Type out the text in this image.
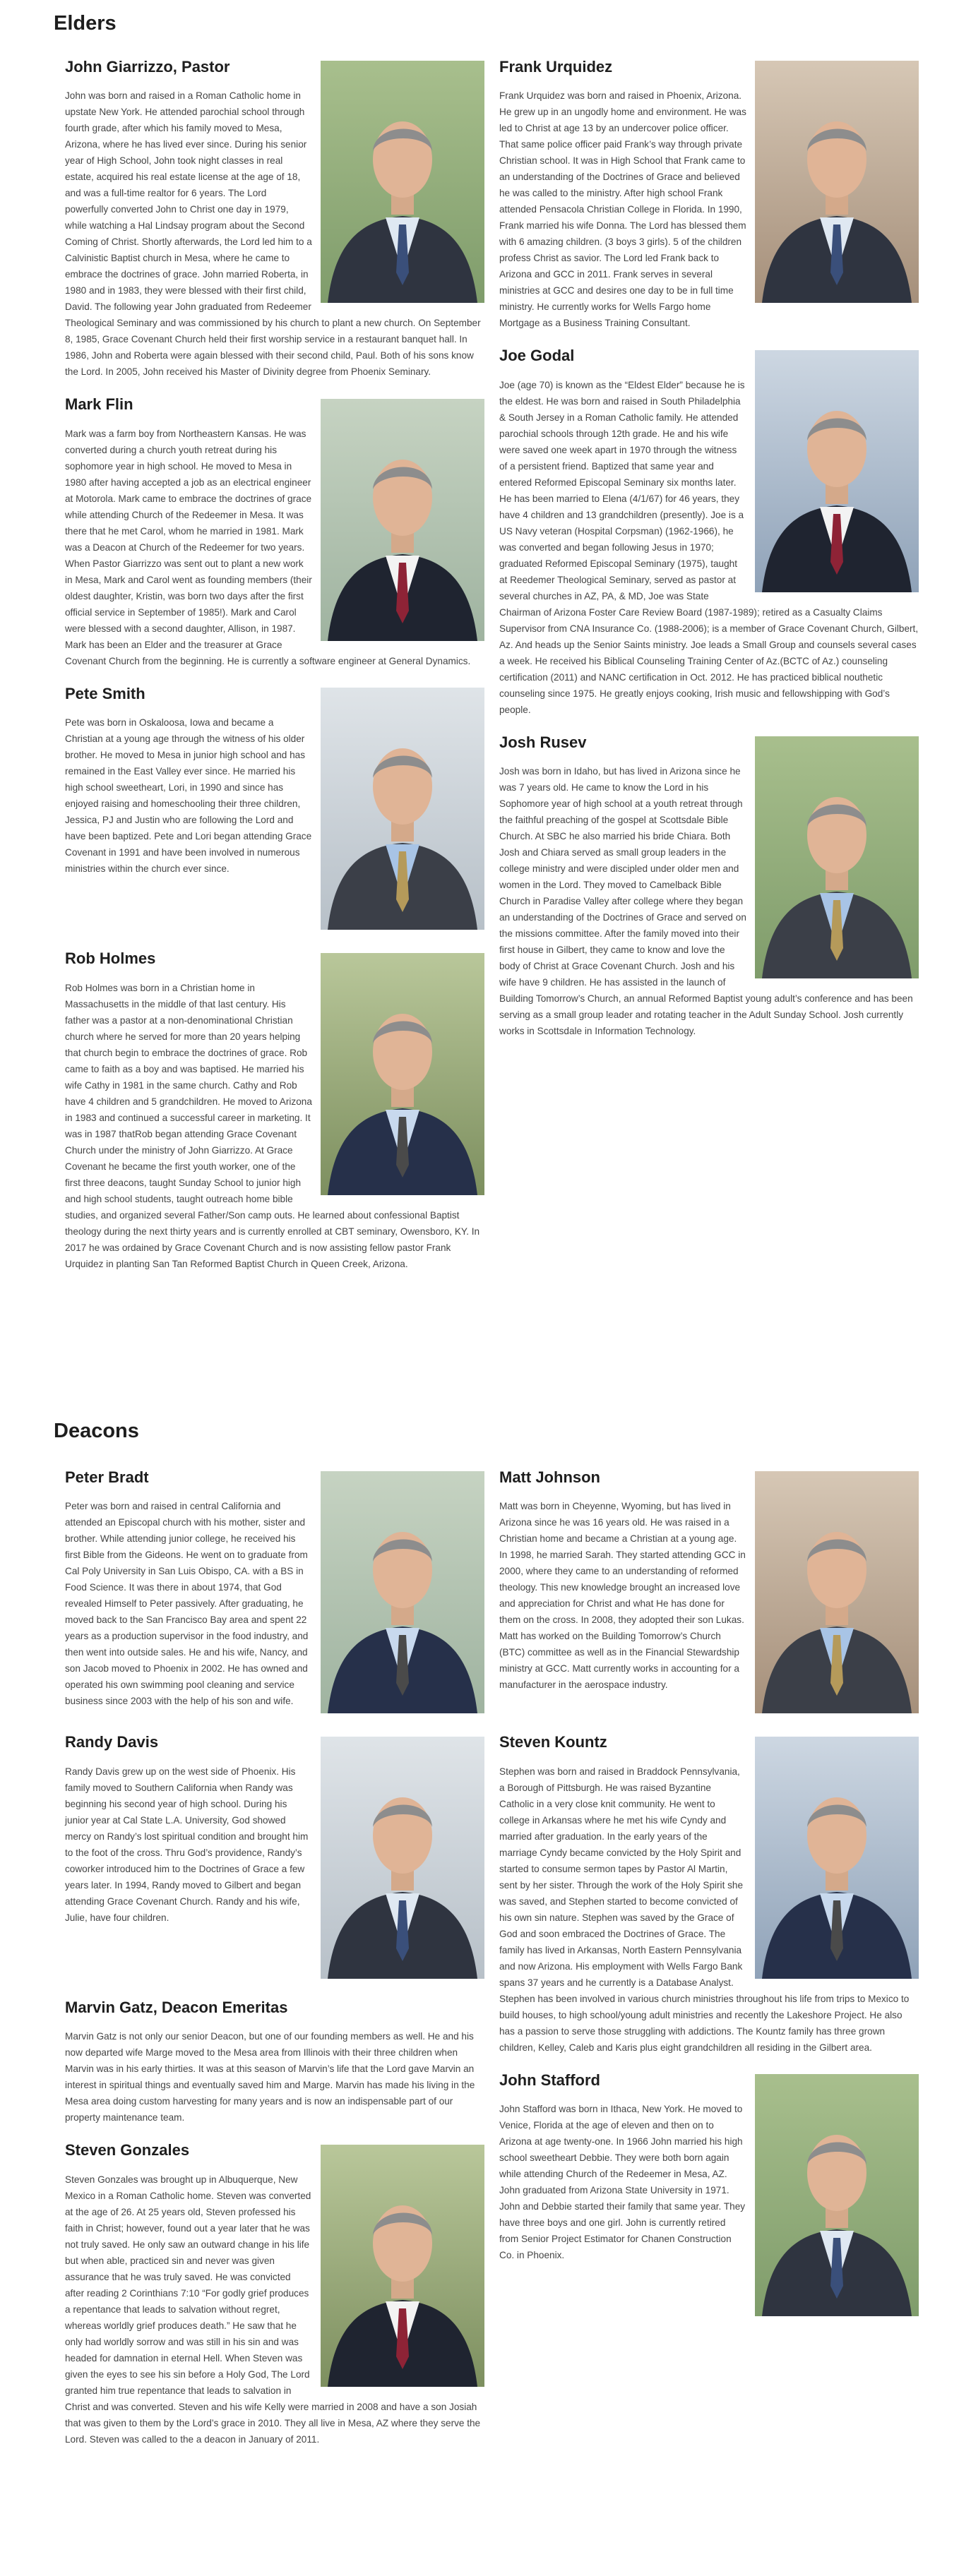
Elders
John Giarrizzo, Pastor

John was born and raised in a Roman Catholic home in upstate New York. He attended parochial school through fourth grade, after which his family moved to Mesa, Arizona, where he has lived ever since. During his senior year of High School, John took night classes in real estate, acquired his real estate license at the age of 18, and was a full-time realtor for 6 years. The Lord powerfully converted John to Christ one day in 1979, while watching a Hal Lindsay program about the Second Coming of Christ. Shortly afterwards, the Lord led him to a Calvinistic Baptist church in Mesa, where he came to embrace the doctrines of grace. John married Roberta, in 1980 and in 1983, they were blessed with their first child, David. The following year John graduated from Redeemer Theological Seminary and was commissioned by his church to plant a new church. On September 8, 1985, Grace Covenant Church held their first worship service in a restaurant banquet hall. In 1986, John and Roberta were again blessed with their second child, Paul. Both of his sons know the Lord. In 2005, John received his Master of Divinity degree from Phoenix Seminary.

Mark Flin

Mark was a farm boy from Northeastern Kansas. He was converted during a church youth retreat during his sophomore year in high school. He moved to Mesa in 1980 after having accepted a job as an electrical engineer at Motorola. Mark came to embrace the doctrines of grace while attending Church of the Redeemer in Mesa. It was there that he met Carol, whom he married in 1981. Mark was a Deacon at Church of the Redeemer for two years. When Pastor Giarrizzo was sent out to plant a new work in Mesa, Mark and Carol went as founding members (their oldest daughter, Kristin, was born two days after the first official service in September of 1985!). Mark and Carol were blessed with a second daughter, Allison, in 1987. Mark has been an Elder and the treasurer at Grace Covenant Church from the beginning. He is currently a software engineer at General Dynamics.

Pete Smith

Pete was born in Oskaloosa, Iowa and became a Christian at a young age through the witness of his older brother. He moved to Mesa in junior high school and has remained in the East Valley ever since. He married his high school sweetheart, Lori, in 1990 and since has enjoyed raising and homeschooling their three children, Jessica, PJ and Justin who are following the Lord and have been baptized. Pete and Lori began attending Grace Covenant in 1991 and have been involved in numerous ministries within the church ever since.

Rob Holmes

Rob Holmes was born in a Christian home in Massachusetts in the middle of that last century. His father was a pastor at a non-denominational Christian church where he served for more than 20 years helping that church begin to embrace the doctrines of grace. Rob came to faith as a boy and was baptised. He married his wife Cathy in 1981 in the same church. Cathy and Rob have 4 children and 5 grandchildren. He moved to Arizona in 1983 and continued a successful career in marketing. It was in 1987 thatRob began attending Grace Covenant Church under the ministry of John Giarrizzo. At Grace Covenant he became the first youth worker, one of the first three deacons, taught Sunday School to junior high and high school students, taught outreach home bible studies, and organized several Father/Son camp outs. He learned about confessional Baptist theology during the next thirty years and is currently enrolled at CBT seminary, Owensboro, KY. In 2017 he was ordained by Grace Covenant Church and is now assisting fellow pastor Frank Urquidez in planting San Tan Reformed Baptist Church in Queen Creek, Arizona.

Frank Urquidez

Frank Urquidez was born and raised in Phoenix, Arizona. He grew up in an ungodly home and environment. He was led to Christ at age 13 by an undercover police officer. That same police officer paid Frank’s way through private Christian school. It was in High School that Frank came to an understanding of the Doctrines of Grace and believed he was called to the ministry. After high school Frank attended Pensacola Christian College in Florida. In 1990, Frank married his wife Donna. The Lord has blessed them with 6 amazing children. (3 boys 3 girls). 5 of the children profess Christ as savior. The Lord led Frank back to Arizona and GCC in 2011. Frank serves in several ministries at GCC and desires one day to be in full time ministry. He currently works for Wells Fargo home Mortgage as a Business Training Consultant.

Joe Godal

Joe (age 70) is known as the “Eldest Elder” because he is the eldest. He was born and raised in South Philadelphia & South Jersey in a Roman Catholic family. He attended parochial schools through 12th grade. He and his wife were saved one week apart in 1970 through the witness of a persistent friend. Baptized that same year and entered Reformed Episcopal Seminary six months later. He has been married to Elena (4/1/67) for 46 years, they have 4 children and 13 grandchildren (presently). Joe is a US Navy veteran (Hospital Corpsman) (1962-1966), he was converted and began following Jesus in 1970; graduated Reformed Episcopal Seminary (1975), taught at Reedemer Theological Seminary, served as pastor at several churches in AZ, PA, & MD, Joe was State Chairman of Arizona Foster Care Review Board (1987-1989); retired as a Casualty Claims Supervisor from CNA Insurance Co. (1988-2006); is a member of Grace Covenant Church, Gilbert, Az. And heads up the Senior Saints ministry. Joe leads a Small Group and counsels several cases a week. He received his Biblical Counseling Training Center of Az.(BCTC of Az.) counseling certification (2011) and NANC certification in Oct. 2012. He has practiced biblical nouthetic counseling since 1975. He greatly enjoys cooking, Irish music and fellowshipping with God’s people.

Josh Rusev

Josh was born in Idaho, but has lived in Arizona since he was 7 years old. He came to know the Lord in his Sophomore year of high school at a youth retreat through the faithful preaching of the gospel at Scottsdale Bible Church. At SBC he also married his bride Chiara. Both Josh and Chiara served as small group leaders in the college ministry and were discipled under older men and women in the Lord. They moved to Camelback Bible Church in Paradise Valley after college where they began an understanding of the Doctrines of Grace and served on the missions committee. After the family moved into their first house in Gilbert, they came to know and love the body of Christ at Grace Covenant Church. Josh and his wife have 9 children. He has assisted in the launch of Building Tomorrow’s Church, an annual Reformed Baptist young adult’s conference and has been serving as a small group leader and rotating teacher in the Adult Sunday School. Josh currently works in Scottsdale in Information Technology.

Deacons
Peter Bradt

Peter was born and raised in central California and attended an Episcopal church with his mother, sister and brother. While attending junior college, he received his first Bible from the Gideons. He went on to graduate from Cal Poly University in San Luis Obispo, CA. with a BS in Food Science. It was there in about 1974, that God revealed Himself to Peter passively. After graduating, he moved back to the San Francisco Bay area and spent 22 years as a production supervisor in the food industry, and then went into outside sales. He and his wife, Nancy, and son Jacob moved to Phoenix in 2002. He has owned and operated his own swimming pool cleaning and service business since 2003 with the help of his son and wife.

Randy Davis

Randy Davis grew up on the west side of Phoenix. His family moved to Southern California when Randy was beginning his second year of high school. During his junior year at Cal State L.A. University, God showed mercy on Randy’s lost spiritual condition and brought him to the foot of the cross. Thru God’s providence, Randy’s coworker introduced him to the Doctrines of Grace a few years later. In 1994, Randy moved to Gilbert and began attending Grace Covenant Church. Randy and his wife, Julie, have four children.

Marvin Gatz, Deacon Emeritas

Marvin Gatz is not only our senior Deacon, but one of our founding members as well. He and his now departed wife Marge moved to the Mesa area from Illinois with their three children when Marvin was in his early thirties. It was at this season of Marvin’s life that the Lord gave Marvin an interest in spiritual things and eventually saved him and Marge. Marvin has made his living in the Mesa area doing custom harvesting for many years and is now an indispensable part of our property maintenance team.

Steven Gonzales

Steven Gonzales was brought up in Albuquerque, New Mexico in a Roman Catholic home. Steven was converted at the age of 26. At 25 years old, Steven professed his faith in Christ; however, found out a year later that he was not truly saved. He only saw an outward change in his life but when able, practiced sin and never was given assurance that he was truly saved. He was convicted after reading 2 Corinthians 7:10 “For godly grief produces a repentance that leads to salvation without regret, whereas worldly grief produces death.” He saw that he only had worldly sorrow and was still in his sin and was headed for damnation in eternal Hell. When Steven was given the eyes to see his sin before a Holy God, The Lord granted him true repentance that leads to salvation in Christ and was converted. Steven and his wife Kelly were married in 2008 and have a son Josiah that was given to them by the Lord’s grace in 2010. They all live in Mesa, AZ where they serve the Lord. Steven was called to the a deacon in January of 2011.

Matt Johnson

Matt was born in Cheyenne, Wyoming, but has lived in Arizona since he was 16 years old. He was raised in a Christian home and became a Christian at a young age. In 1998, he married Sarah. They started attending GCC in 2000, where they came to an understanding of reformed theology. This new knowledge brought an increased love and appreciation for Christ and what He has done for them on the cross. In 2008, they adopted their son Lukas. Matt has worked on the Building Tomorrow’s Church (BTC) committee as well as in the Financial Stewardship ministry at GCC. Matt currently works in accounting for a manufacturer in the aerospace industry.

Steven Kountz

Stephen was born and raised in Braddock Pennsylvania, a Borough of Pittsburgh. He was raised Byzantine Catholic in a very close knit community. He went to college in Arkansas where he met his wife Cyndy and married after graduation. In the early years of the marriage Cyndy became convicted by the Holy Spirit and started to consume sermon tapes by Pastor Al Martin, sent by her sister. Through the work of the Holy Spirit she was saved, and Stephen started to become convicted of his own sin nature. Stephen was saved by the Grace of God and soon embraced the Doctrines of Grace. The family has lived in Arkansas, North Eastern Pennsylvania and now Arizona. His employment with Wells Fargo Bank spans 37 years and he currently is a Database Analyst. Stephen has been involved in various church ministries throughout his life from trips to Mexico to build houses, to high school/young adult ministries and recently the Lakeshore Project. He also has a passion to serve those struggling with addictions. The Kountz family has three grown children, Kelley, Caleb and Karis plus eight grandchildren all residing in the Gilbert area.

John Stafford

John Stafford was born in Ithaca, New York. He moved to Venice, Florida at the age of eleven and then on to Arizona at age twenty-one. In 1966 John married his high school sweetheart Debbie. They were both born again while attending Church of the Redeemer in Mesa, AZ. John graduated from Arizona State University in 1971. John and Debbie started their family that same year. They have three boys and one girl. John is currently retired from Senior Project Estimator for Chanen Construction Co. in Phoenix.
